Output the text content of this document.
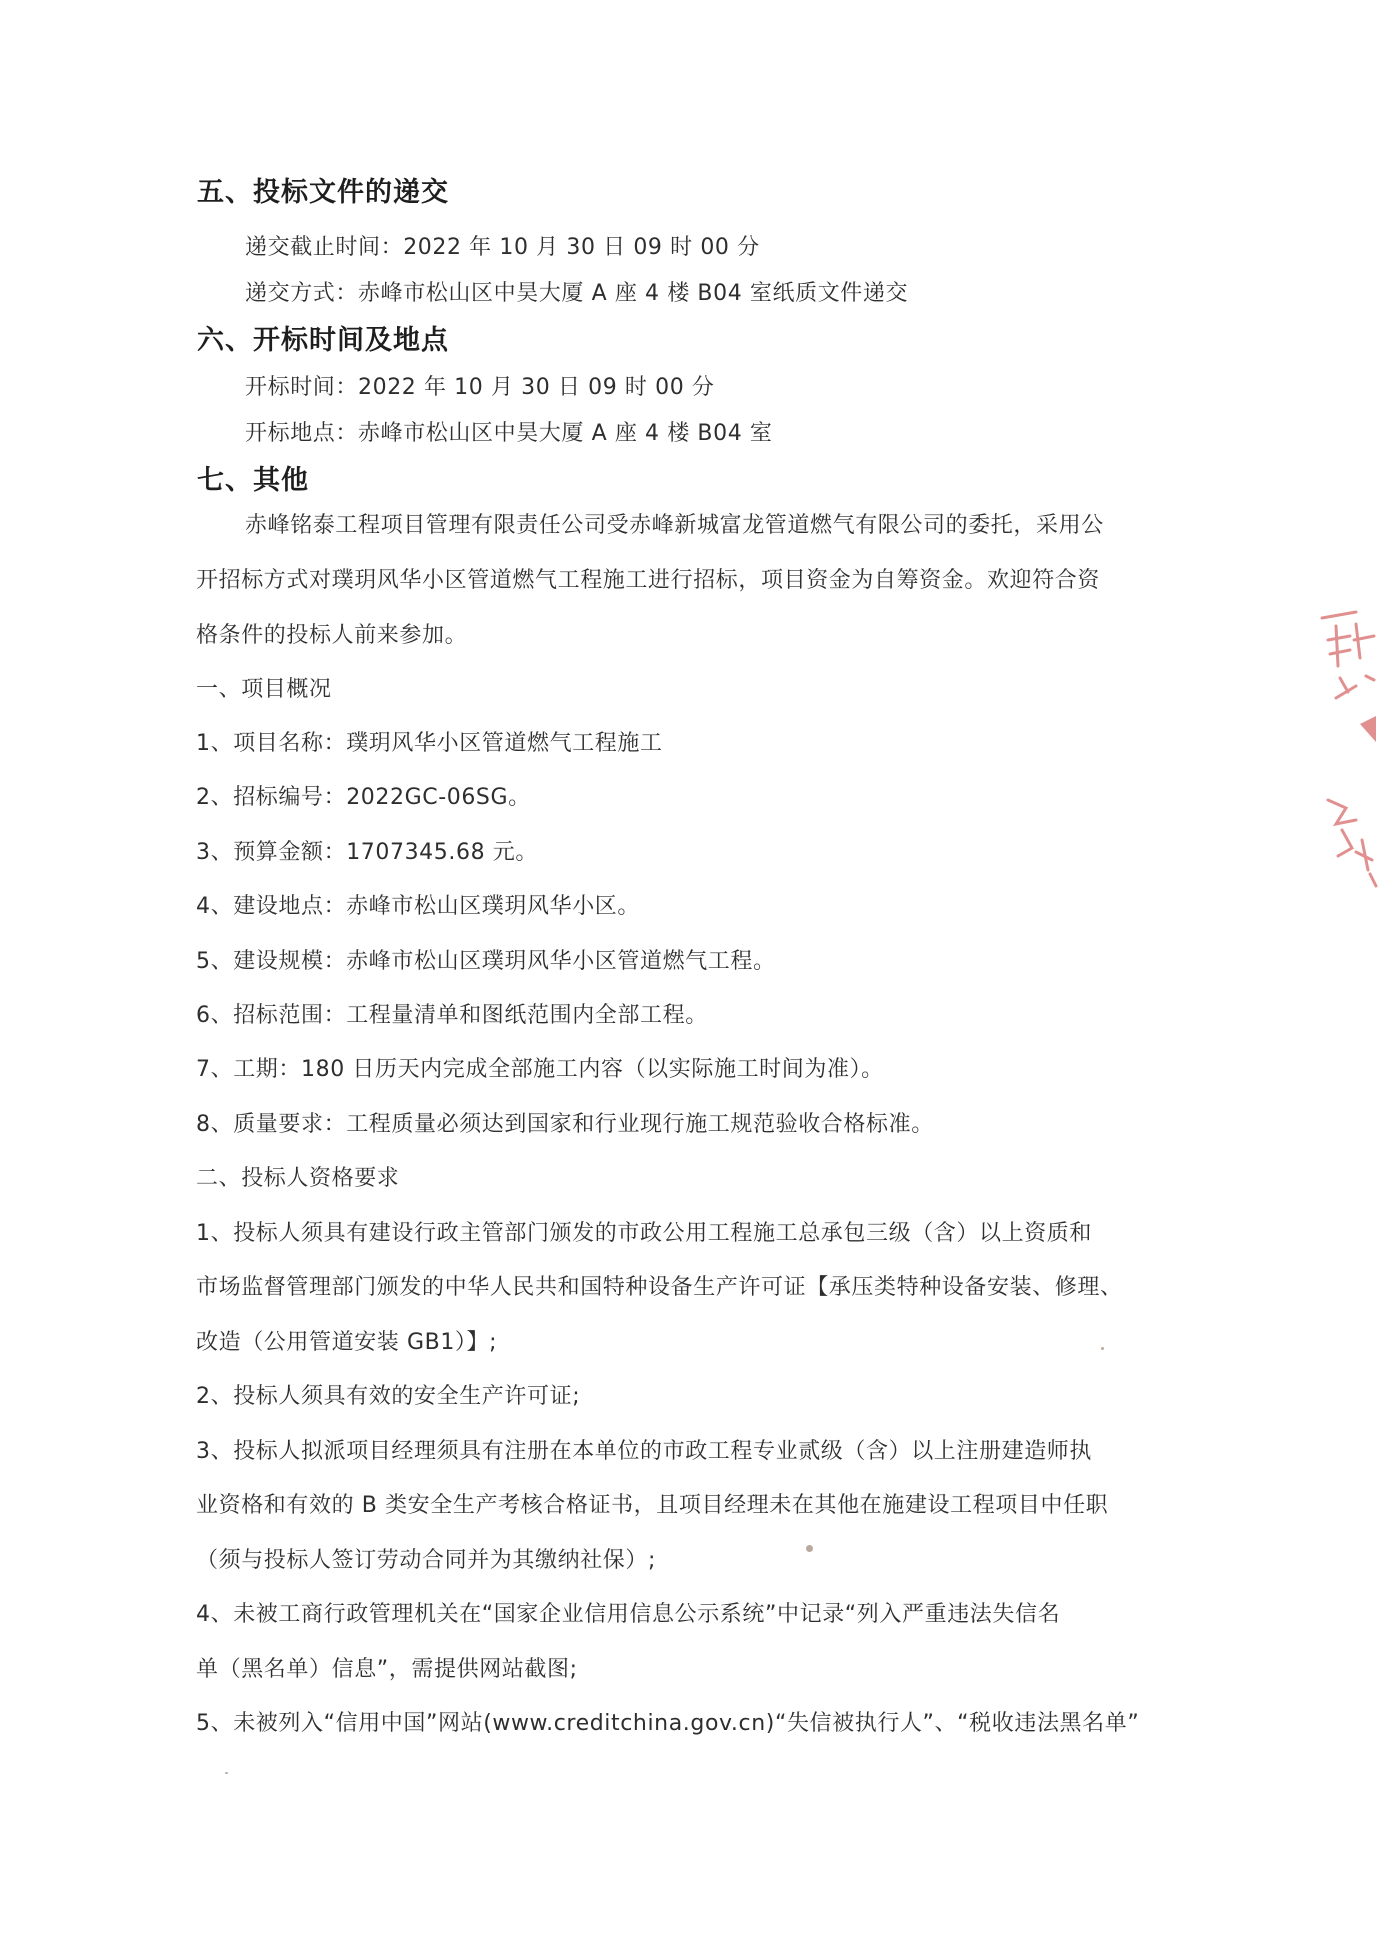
五、投标文件的递交
递交截止时间：2022 年 10 月 30 日 09 时 00 分
递交方式：赤峰市松山区中昊大厦 A 座 4 楼 B04 室纸质文件递交
六、开标时间及地点
开标时间：2022 年 10 月 30 日 09 时 00 分
开标地点：赤峰市松山区中昊大厦 A 座 4 楼 B04 室
七、其他
赤峰铭泰工程项目管理有限责任公司受赤峰新城富龙管道燃气有限公司的委托，采用公
开招标方式对璞玥风华小区管道燃气工程施工进行招标，项目资金为自筹资金。欢迎符合资
格条件的投标人前来参加。
一、项目概况
1、项目名称：璞玥风华小区管道燃气工程施工
2、招标编号：2022GC-06SG。
3、预算金额：1707345.68 元。
4、建设地点：赤峰市松山区璞玥风华小区。
5、建设规模：赤峰市松山区璞玥风华小区管道燃气工程。
6、招标范围：工程量清单和图纸范围内全部工程。
7、工期：180 日历天内完成全部施工内容（以实际施工时间为准）。
8、质量要求：工程质量必须达到国家和行业现行施工规范验收合格标准。
二、投标人资格要求
1、投标人须具有建设行政主管部门颁发的市政公用工程施工总承包三级（含）以上资质和
市场监督管理部门颁发的中华人民共和国特种设备生产许可证【承压类特种设备安装、修理、
改造（公用管道安装 GB1）】;
2、投标人须具有效的安全生产许可证;
3、投标人拟派项目经理须具有注册在本单位的市政工程专业贰级（含）以上注册建造师执
业资格和有效的 B 类安全生产考核合格证书，且项目经理未在其他在施建设工程项目中任职
（须与投标人签订劳动合同并为其缴纳社保）;
4、未被工商行政管理机关在“国家企业信用信息公示系统”中记录“列入严重违法失信名
单（黑名单）信息”，需提供网站截图;
5、未被列入“信用中国”网站(www.creditchina.gov.cn)“失信被执行人”、“税收违法黑名单”
